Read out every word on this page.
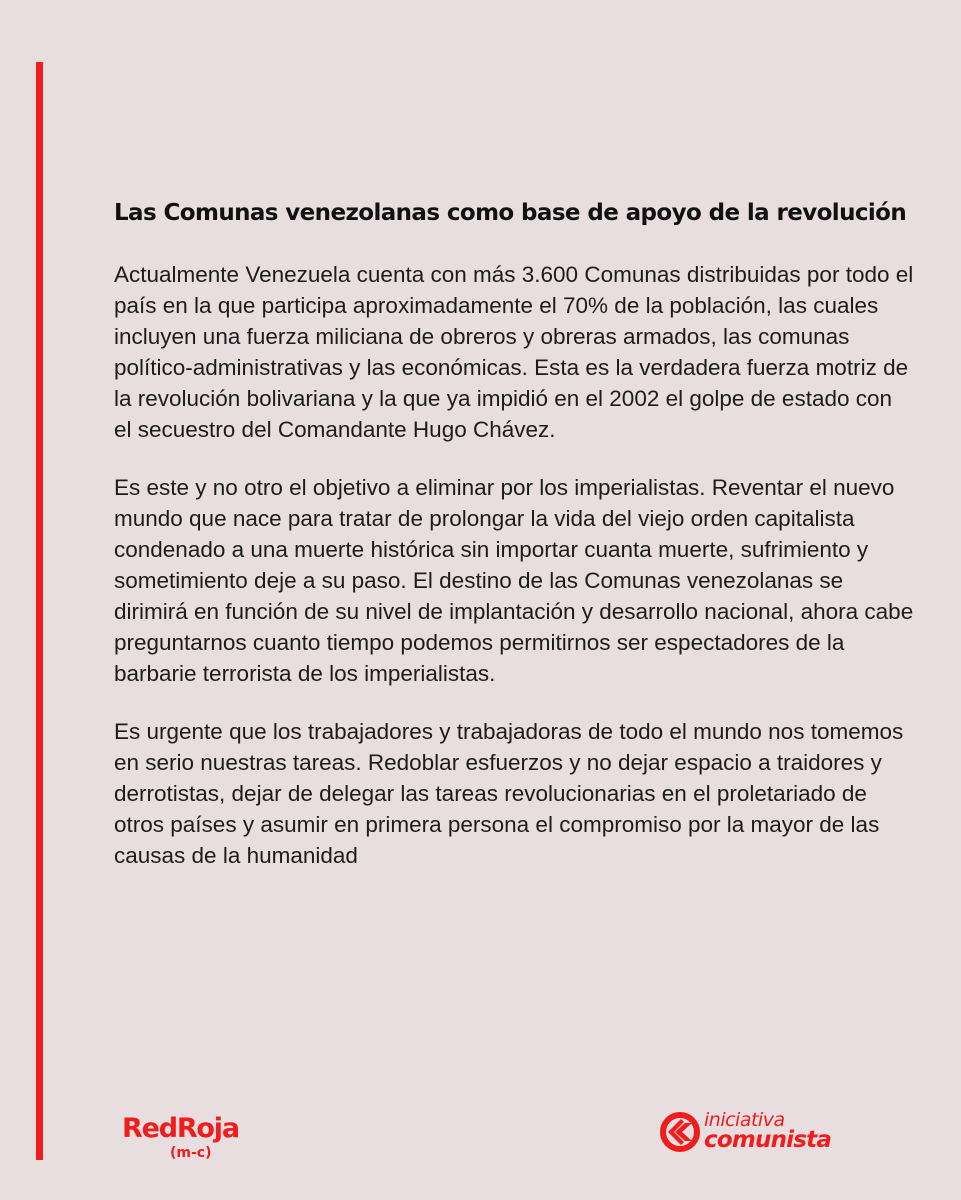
Las Comunas venezolanas como base de apoyo de la revolución

Actualmente Venezuela cuenta con más 3.600 Comunas distribuidas por todo el país en la que participa aproximadamente el 70% de la población, las cuales incluyen una fuerza miliciana de obreros y obreras armados, las comunas político-administrativas y las económicas. Esta es la verdadera fuerza motriz de la revolución bolivariana y la que ya impidió en el 2002 el golpe de estado con el secuestro del Comandante Hugo Chávez.

Es este y no otro el objetivo a eliminar por los imperialistas. Reventar el nuevo mundo que nace para tratar de prolongar la vida del viejo orden capitalista condenado a una muerte histórica sin importar cuanta muerte, sufrimiento y sometimiento deje a su paso. El destino de las Comunas venezolanas se dirimirá en función de su nivel de implantación y desarrollo nacional, ahora cabe preguntarnos cuanto tiempo podemos permitirnos ser espectadores de la barbarie terrorista de los imperialistas.

Es urgente que los trabajadores y trabajadoras de todo el mundo nos tomemos en serio nuestras tareas. Redoblar esfuerzos y no dejar espacio a traidores y derrotistas, dejar de delegar las tareas revolucionarias en el proletariado de otros países y asumir en primera persona el compromiso por la mayor de las causas de la humanidad

RedRoja
(m-c)
iniciativa
comunista
